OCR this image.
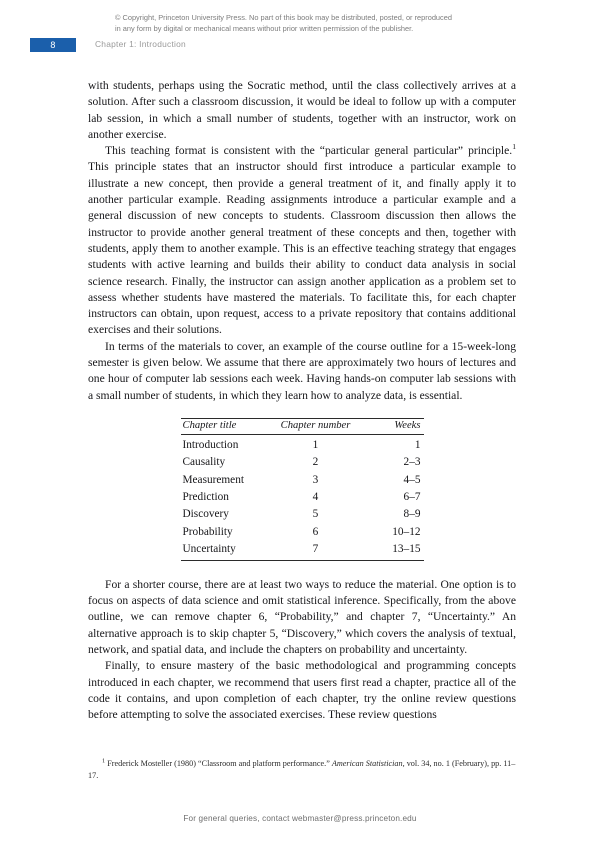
© Copyright, Princeton University Press. No part of this book may be distributed, posted, or reproduced in any form by digital or mechanical means without prior written permission of the publisher.
8	Chapter 1: Introduction

with students, perhaps using the Socratic method, until the class collectively arrives at a solution. After such a classroom discussion, it would be ideal to follow up with a computer lab session, in which a small number of students, together with an instructor, work on another exercise.

This teaching format is consistent with the “particular general particular” principle.$^1$ This principle states that an instructor should first introduce a particular example to illustrate a new concept, then provide a general treatment of it, and finally apply it to another particular example. Reading assignments introduce a particular example and a general discussion of new concepts to students. Classroom discussion then allows the instructor to provide another general treatment of these concepts and then, together with students, apply them to another example. This is an effective teaching strategy that engages students with active learning and builds their ability to conduct data analysis in social science research. Finally, the instructor can assign another application as a problem set to assess whether students have mastered the materials. To facilitate this, for each chapter instructors can obtain, upon request, access to a private repository that contains additional exercises and their solutions.

In terms of the materials to cover, an example of the course outline for a 15-week-long semester is given below. We assume that there are approximately two hours of lectures and one hour of computer lab sessions each week. Having hands-on computer lab sessions with a small number of students, in which they learn how to analyze data, is essential.

Chapter title	Chapter number	Weeks
Introduction	1	1
Causality	2	2–3
Measurement	3	4–5
Prediction	4	6–7
Discovery	5	8–9
Probability	6	10–12
Uncertainty	7	13–15

For a shorter course, there are at least two ways to reduce the material. One option is to focus on aspects of data science and omit statistical inference. Specifically, from the above outline, we can remove chapter 6, “Probability,” and chapter 7, “Uncertainty.” An alternative approach is to skip chapter 5, “Discovery,” which covers the analysis of textual, network, and spatial data, and include the chapters on probability and uncertainty.

Finally, to ensure mastery of the basic methodological and programming concepts introduced in each chapter, we recommend that users first read a chapter, practice all of the code it contains, and upon completion of each chapter, try the online review questions before attempting to solve the associated exercises. These review questions

$^1$ Frederick Mosteller (1980) “Classroom and platform performance.” American Statistician, vol. 34, no. 1 (February), pp. 11–17.
For general queries, contact webmaster@press.princeton.edu
